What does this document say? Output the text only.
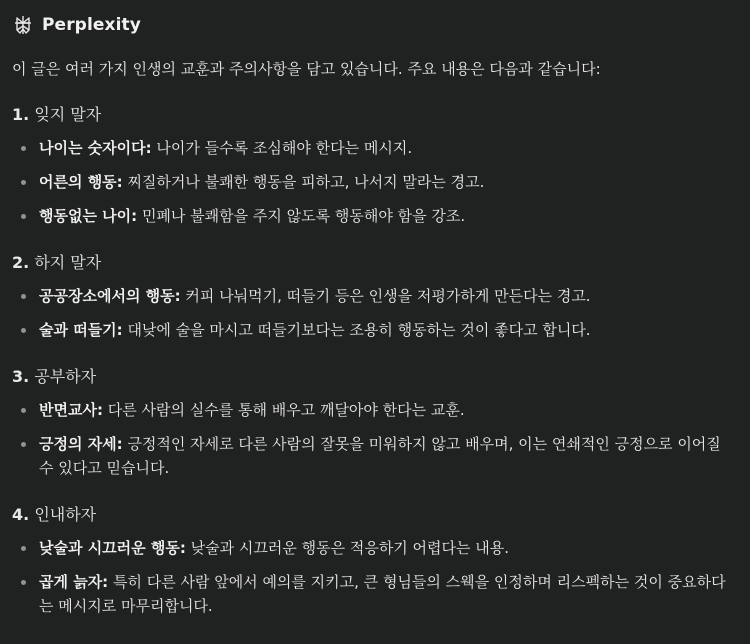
Perplexity

이 글은 여러 가지 인생의 교훈과 주의사항을 담고 있습니다. 주요 내용은 다음과 같습니다:

1. 잊지 말자
나이는 숫자이다: 나이가 들수록 조심해야 한다는 메시지.
어른의 행동: 찌질하거나 불쾌한 행동을 피하고, 나서지 말라는 경고.
행동없는 나이: 민폐나 불쾌함을 주지 않도록 행동해야 함을 강조.
2. 하지 말자
공공장소에서의 행동: 커피 나눠먹기, 떠들기 등은 인생을 저평가하게 만든다는 경고.
술과 떠들기: 대낮에 술을 마시고 떠들기보다는 조용히 행동하는 것이 좋다고 합니다.
3. 공부하자
반면교사: 다른 사람의 실수를 통해 배우고 깨달아야 한다는 교훈.
긍정의 자세: 긍정적인 자세로 다른 사람의 잘못을 미워하지 않고 배우며, 이는 연쇄적인 긍정으로 이어질 수 있다고 믿습니다.
4. 인내하자
낮술과 시끄러운 행동: 낮술과 시끄러운 행동은 적응하기 어렵다는 내용.
곱게 늙자: 특히 다른 사람 앞에서 예의를 지키고, 큰 형님들의 스웩을 인정하며 리스펙하는 것이 중요하다는 메시지로 마무리합니다.
